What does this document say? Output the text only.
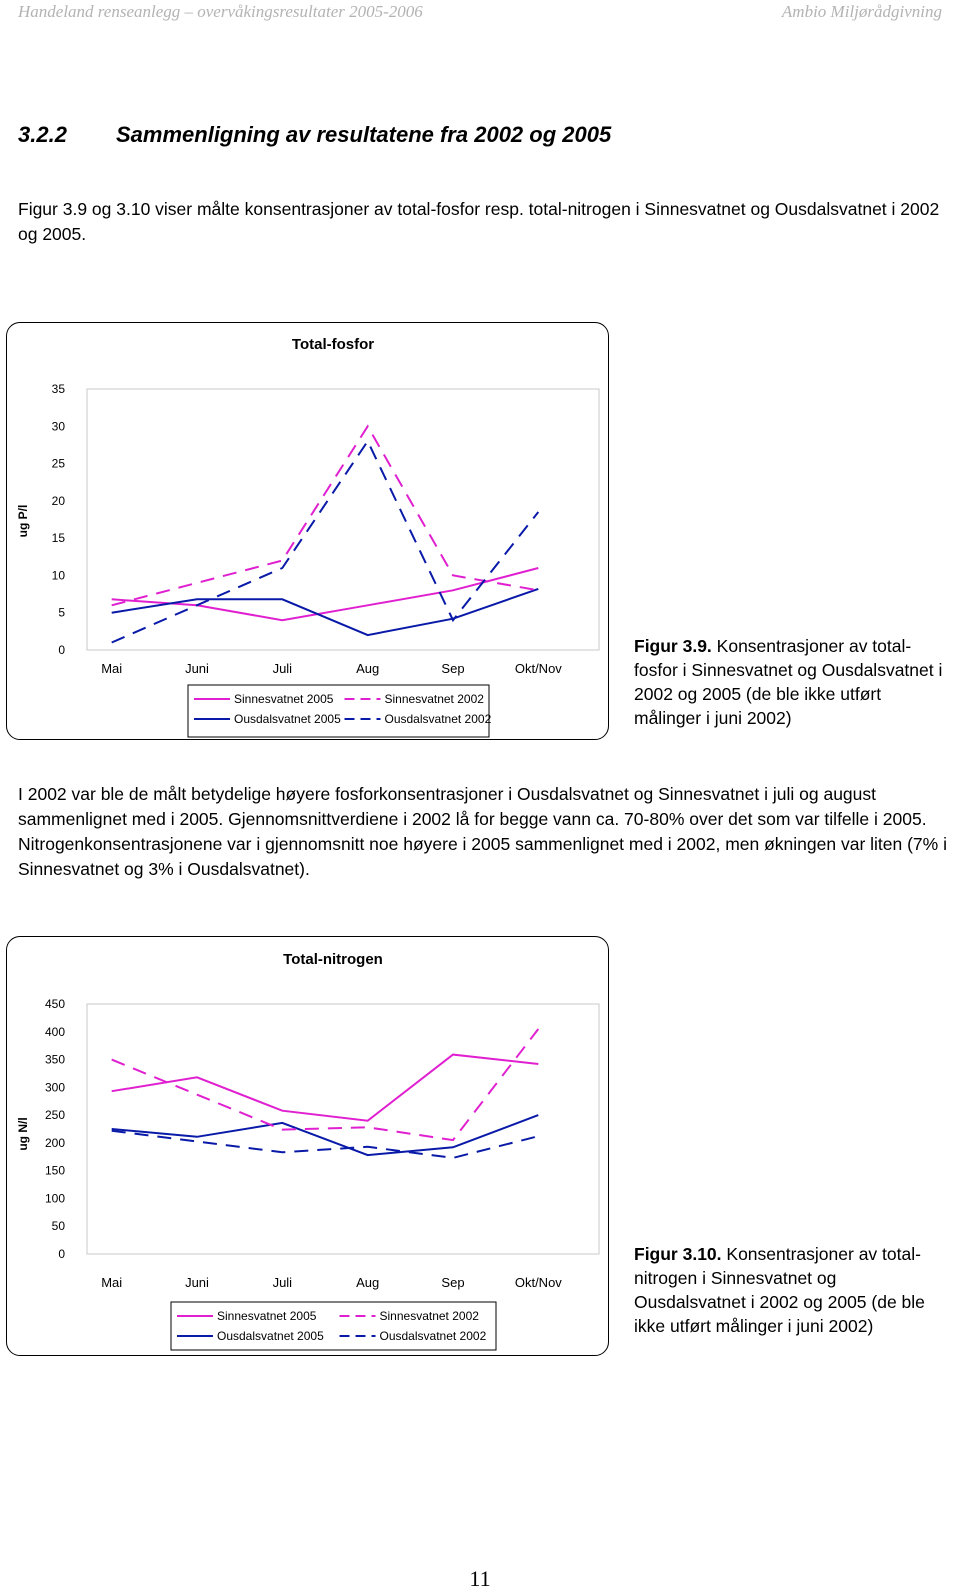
Handeland renseanlegg – overvåkingsresultater 2005-2006	Ambio Miljørådgivning
3.2.2 Sammenligning av resultatene fra 2002 og 2005
Figur 3.9 og 3.10 viser målte konsentrasjoner av total-fosfor resp. total-nitrogen i Sinnesvatnet og Ousdalsvatnet i 2002 og 2005.
Total-fosfor
ug P/l
0
5
10
15
20
25
30
35
Mai	Juni	Juli	Aug	Sep	Okt/Nov
Sinnesvatnet 2005	Sinnesvatnet 2002
Ousdalsvatnet 2005	Ousdalsvatnet 2002
Figur 3.9. Konsentrasjoner av total-fosfor i Sinnesvatnet og Ousdalsvatnet i 2002 og 2005 (de ble ikke utført målinger i juni 2002)
I 2002 var ble de målt betydelige høyere fosforkonsentrasjoner i Ousdalsvatnet og Sinnesvatnet i juli og august sammenlignet med i 2005. Gjennomsnittverdiene i 2002 lå for begge vann ca. 70-80% over det som var tilfelle i 2005. Nitrogenkonsentrasjonene var i gjennomsnitt noe høyere i 2005 sammenlignet med i 2002, men økningen var liten (7% i Sinnesvatnet og 3% i Ousdalsvatnet).
Total-nitrogen
ug N/l
0
50
100
150
200
250
300
350
400
450
Mai	Juni	Juli	Aug	Sep	Okt/Nov
Sinnesvatnet 2005	Sinnesvatnet 2002
Ousdalsvatnet 2005	Ousdalsvatnet 2002
Figur 3.10. Konsentrasjoner av total-nitrogen i Sinnesvatnet og Ousdalsvatnet i 2002 og 2005 (de ble ikke utført målinger i juni 2002)
11
